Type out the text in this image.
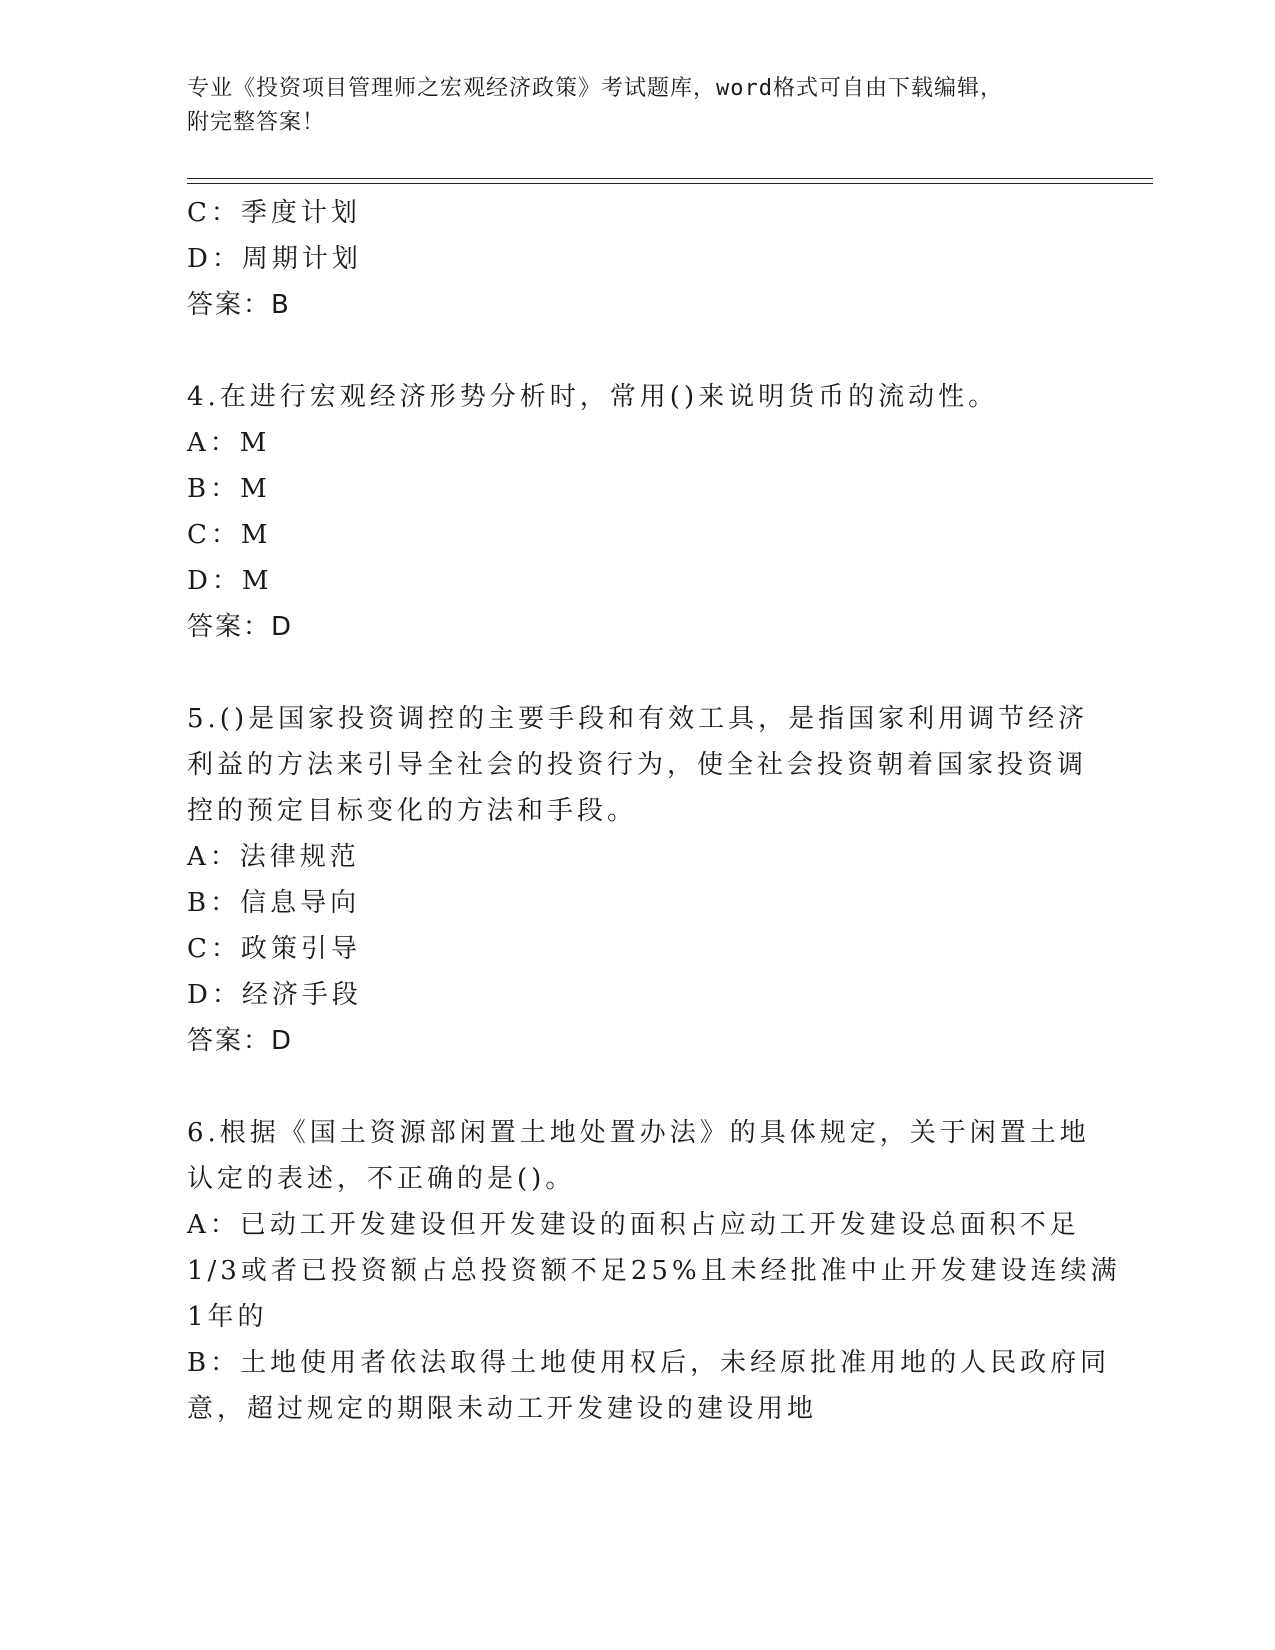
专业《投资项目管理师之宏观经济政策》考试题库，word格式可自由下载编辑，
附完整答案！
C：季度计划
D：周期计划
答案：B
4.在进行宏观经济形势分析时，常用()来说明货币的流动性。
A：M
B：M
C：M
D：M
答案：D
5.()是国家投资调控的主要手段和有效工具，是指国家利用调节经济
利益的方法来引导全社会的投资行为，使全社会投资朝着国家投资调
控的预定目标变化的方法和手段。
A：法律规范
B：信息导向
C：政策引导
D：经济手段
答案：D
6.根据《国土资源部闲置土地处置办法》的具体规定，关于闲置土地
认定的表述，不正确的是()。
A：已动工开发建设但开发建设的面积占应动工开发建设总面积不足
1/3或者已投资额占总投资额不足25%且未经批准中止开发建设连续满
1年的
B：土地使用者依法取得土地使用权后，未经原批准用地的人民政府同
意，超过规定的期限未动工开发建设的建设用地
